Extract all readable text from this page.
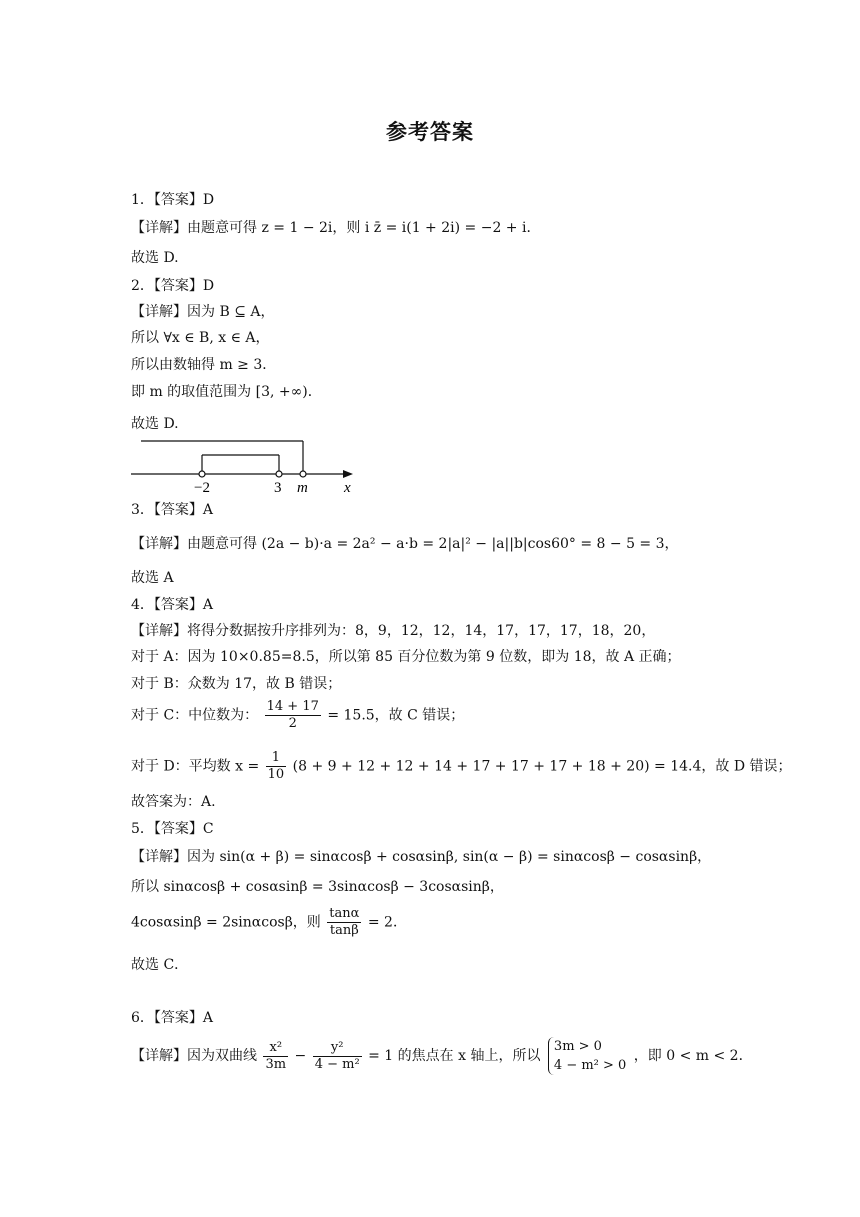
参考答案
1．【答案】D
【详解】由题意可得 z = 1 − 2i，则 i z̄ = i(1 + 2i) = −2 + i．
故选 D.
2．【答案】D
【详解】因为 B ⊆ A，
所以 ∀x ∈ B, x ∈ A，
所以由数轴得 m ≥ 3．
即 m 的取值范围为 [3, +∞)．
故选 D.
3．【答案】A
【详解】由题意可得 (2a − b)·a = 2a² − a·b = 2|a|² − |a||b|cos60° = 8 − 5 = 3，
故选 A
4．【答案】A
【详解】将得分数据按升序排列为：8，9，12，12，14，17，17，17，18，20，
对于 A：因为 10×0.85=8.5，所以第 85 百分位数为第 9 位数，即为 18，故 A 正确；
对于 B：众数为 17，故 B 错误；
故答案为：A.
5．【答案】C
【详解】因为 sin(α + β) = sinαcosβ + cosαsinβ, sin(α − β) = sinαcosβ − cosαsinβ，
所以 sinαcosβ + cosαsinβ = 3sinαcosβ − 3cosαsinβ，
故选 C．
6．【答案】A
对于 C：中位数为： $\frac{14 + 17}{2} = 15.5$，故 C 错误；
对于 D：平均数 $x = \frac{1}{10} (8 + 9 + 12 + 12 + 14 + 17 + 17 + 17 + 18 + 20) = 14.4$，故 D 错误；
4cosαsinβ = 2sinαcosβ，则 $\frac{\tan\alpha}{\tan\beta} = 2$．
【详解】因为双曲线 $\frac{\text{x²}}{3m} - \frac{\text{y²}}{\text{4 − m²}} = 1$ 的焦点在 x 轴上，所以
3m > 0
4 − m² > 0
，即 0 < m < 2．
−2	3 m x
